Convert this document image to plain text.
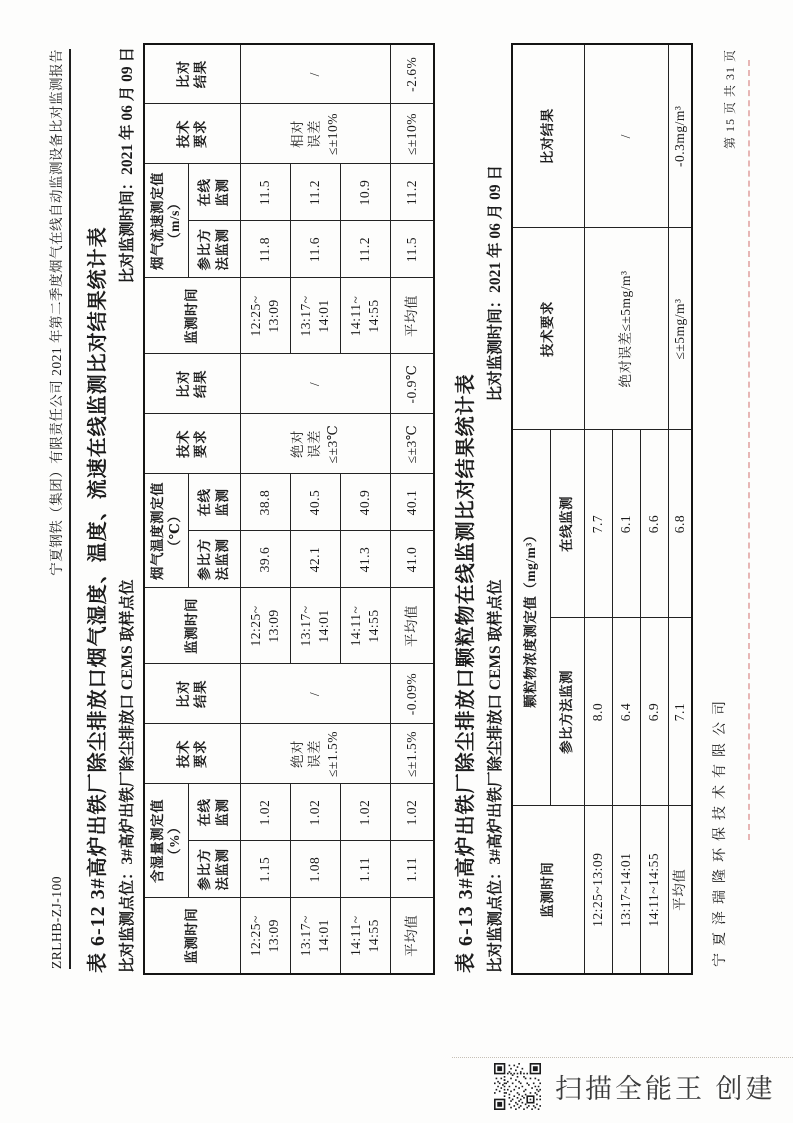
ZRLHB-ZJ-100
宁夏钢铁（集团）有限责任公司 2021 年第二季度烟气在线自动监测设备比对监测报告	表 6-12 3#高炉出铁厂除尘排放口烟气湿度、温度、流速在线监测比对结果统计表 比对监测点位：3#高炉出铁厂除尘排放口 CEMS 取样点位
比对监测时间：2021 年 06 月 09 日
监测时间	含湿量测定值（%）		技术 要求	比对 结果	监测时间	烟气温度测定值（℃）		技术 要求	比对 结果	监测时间	烟气流速测定值（m/s）		技术 要求	比对 结果

	参比方 法监测	在线 监测				参比方 法监测	在线 监测				参比方 法监测	在线 监测		

12:25~ 13:09	1.15	1.02	绝对 误差 ≤±1.5%	/	12:25~ 13:09	39.6	38.8	绝对 误差 ≤±3℃	/	12:25~ 13:09	11.8	11.5	相对 误差 ≤±10%	/

13:17~ 14:01	1.08	1.02			13:17~ 14:01	42.1	40.5			13:17~ 14:01	11.6	11.2		

14:11~ 14:55	1.11	1.02			14:11~ 14:55	41.3	40.9			14:11~ 14:55	11.2	10.9		
平均值	1.11	1.02	≤±1.5%	-0.09%	平均值	41.0	40.1	≤±3℃	-0.9℃	平均值	11.5	11.2	≤±10%	-2.6%
表 6-13 3#高炉出铁厂除尘排放口颗粒物在线监测比对结果统计表 比对监测点位：3#高炉出铁厂除尘排放口 CEMS 取样点位
比对监测时间：2021 年 06 月 09 日
监测时间	颗粒物浓度测定值（mg/m³）		技术要求	比对结果
	参比方法监测	在线监测		
12:25~13:09	8.0	7.7	绝对误差≤±5mg/m³	/
13:17~14:01	6.4	6.1		
14:11~14:55	6.9	6.6		
平均值	7.1	6.8	≤±5mg/m³	-0.3mg/m³
宁夏泽瑞隆环保技术有限公司
第 15 页 共 31 页
扫描全能王 创建
